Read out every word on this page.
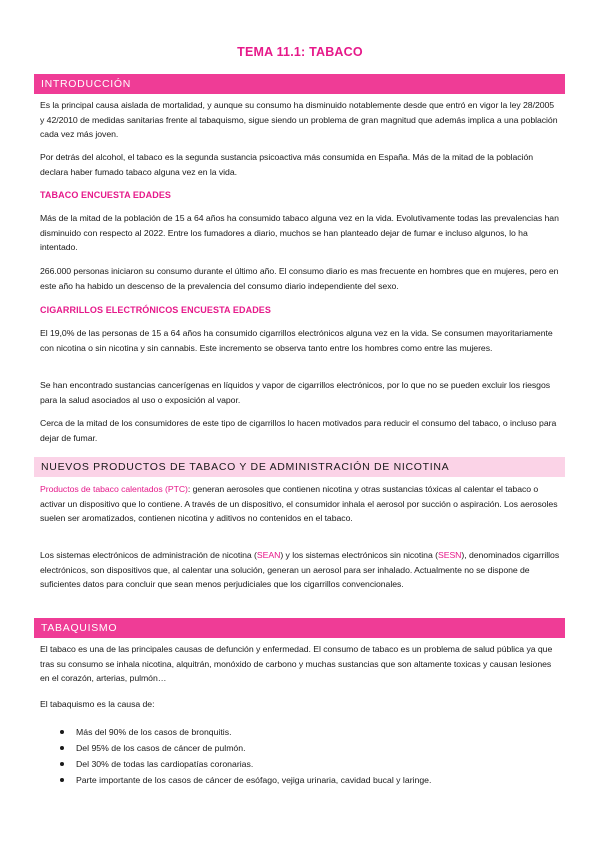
TEMA 11.1: TABACO
INTRODUCCIÓN

Es la principal causa aislada de mortalidad, y aunque su consumo ha disminuido notablemente desde que entró en vigor la ley 28/2005 y 42/2010 de medidas sanitarias frente al tabaquismo, sigue siendo un problema de gran magnitud que además implica a una población cada vez más joven.

Por detrás del alcohol, el tabaco es la segunda sustancia psicoactiva más consumida en España. Más de la mitad de la población declara haber fumado tabaco alguna vez en la vida.

TABACO ENCUESTA EDADES

Más de la mitad de la población de 15 a 64 años ha consumido tabaco alguna vez en la vida. Evolutivamente todas las prevalencias han disminuido con respecto al 2022. Entre los fumadores a diario, muchos se han planteado dejar de fumar e incluso algunos, lo ha intentado.

266.000 personas iniciaron su consumo durante el último año. El consumo diario es mas frecuente en hombres que en mujeres, pero en este año ha habido un descenso de la prevalencia del consumo diario independiente del sexo.

CIGARRILLOS ELECTRÓNICOS ENCUESTA EDADES

El 19,0% de las personas de 15 a 64 años ha consumido cigarrillos electrónicos alguna vez en la vida. Se consumen mayoritariamente con nicotina o sin nicotina y sin cannabis. Este incremento se observa tanto entre los hombres como entre las mujeres.

Se han encontrado sustancias cancerígenas en líquidos y vapor de cigarrillos electrónicos, por lo que no se pueden excluir los riesgos para la salud asociados al uso o exposición al vapor.

Cerca de la mitad de los consumidores de este tipo de cigarrillos lo hacen motivados para reducir el consumo del tabaco, o incluso para dejar de fumar.

NUEVOS PRODUCTOS DE TABACO Y DE ADMINISTRACIÓN DE NICOTINA

Productos de tabaco calentados (PTC): generan aerosoles que contienen nicotina y otras sustancias tóxicas al calentar el tabaco o activar un dispositivo que lo contiene. A través de un dispositivo, el consumidor inhala el aerosol por succión o aspiración. Los aerosoles suelen ser aromatizados, contienen nicotina y aditivos no contenidos en el tabaco.

Los sistemas electrónicos de administración de nicotina (SEAN) y los sistemas electrónicos sin nicotina (SESN), denominados cigarrillos electrónicos, son dispositivos que, al calentar una solución, generan un aerosol para ser inhalado. Actualmente no se dispone de suficientes datos para concluir que sean menos perjudiciales que los cigarrillos convencionales.

TABAQUISMO

El tabaco es una de las principales causas de defunción y enfermedad. El consumo de tabaco es un problema de salud pública ya que tras su consumo se inhala nicotina, alquitrán, monóxido de carbono y muchas sustancias que son altamente toxicas y causan lesiones en el corazón, arterias, pulmón…

El tabaquismo es la causa de:

Más del 90% de los casos de bronquitis.
Del 95% de los casos de cáncer de pulmón.
Del 30% de todas las cardiopatías coronarias.
Parte importante de los casos de cáncer de esófago, vejiga urinaria, cavidad bucal y laringe.
